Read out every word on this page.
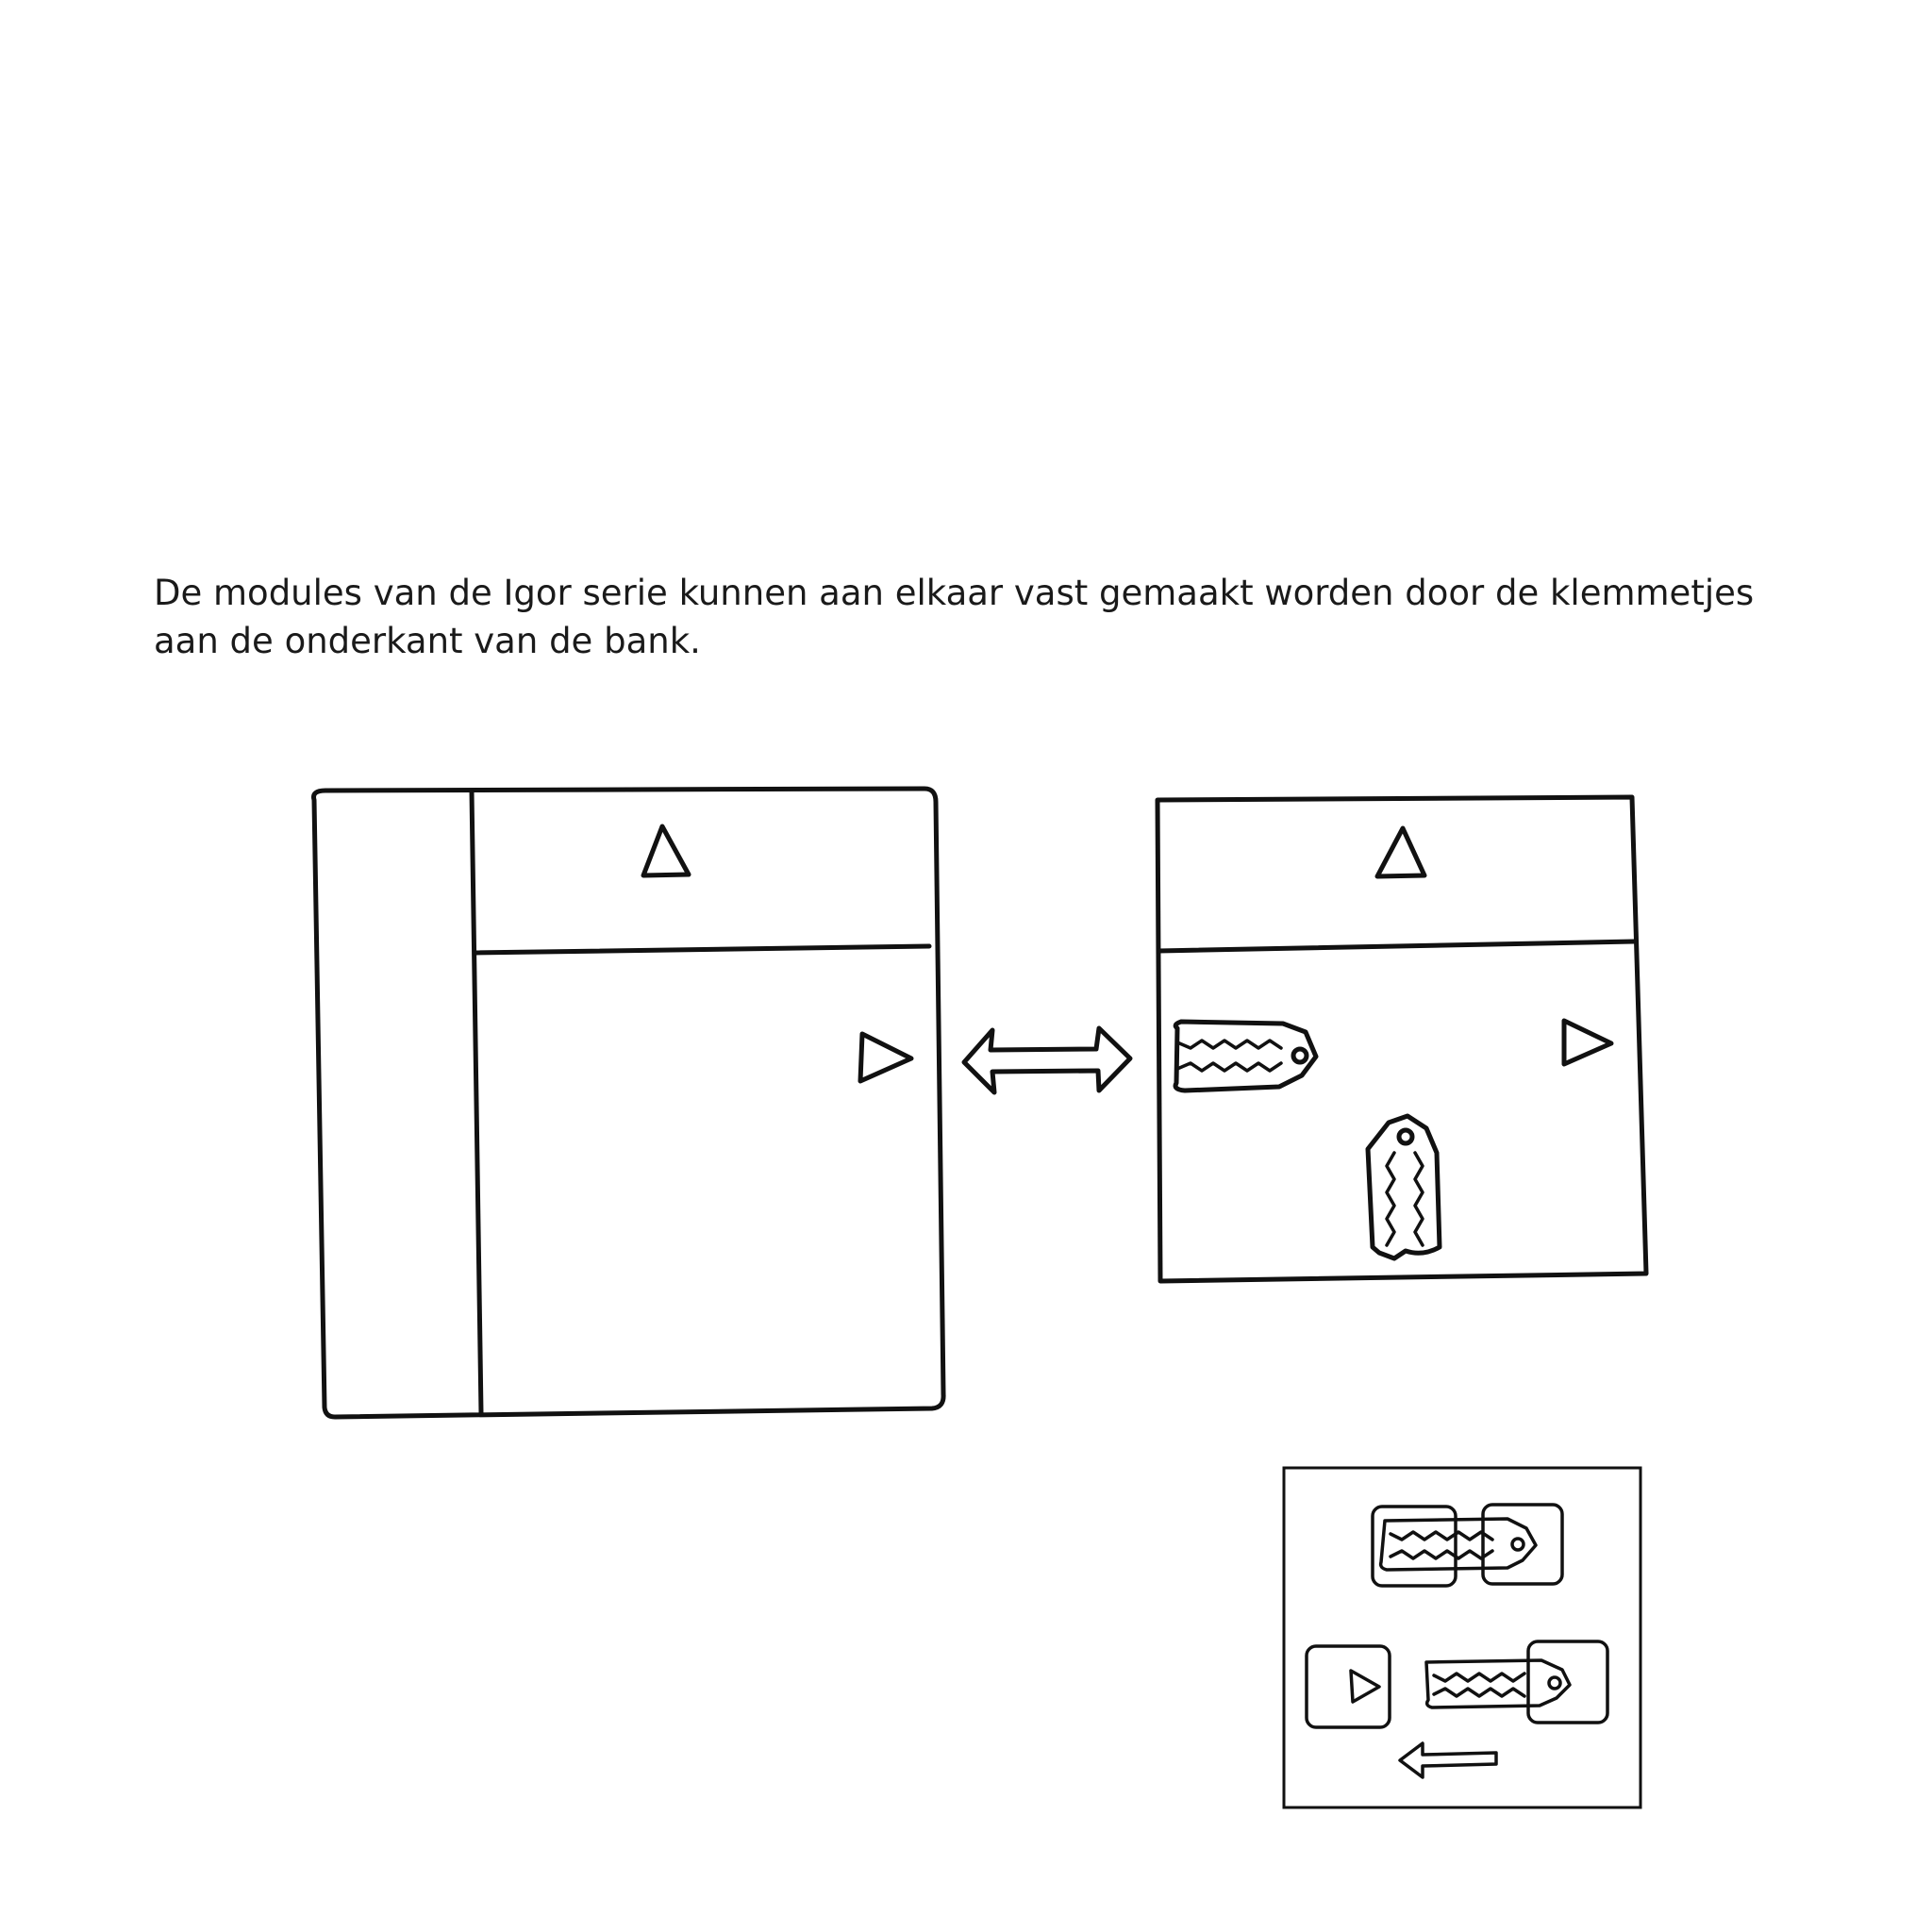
De modules van de Igor serie kunnen aan elkaar vast gemaakt worden door de klemmetjes aan de onderkant van de bank.
